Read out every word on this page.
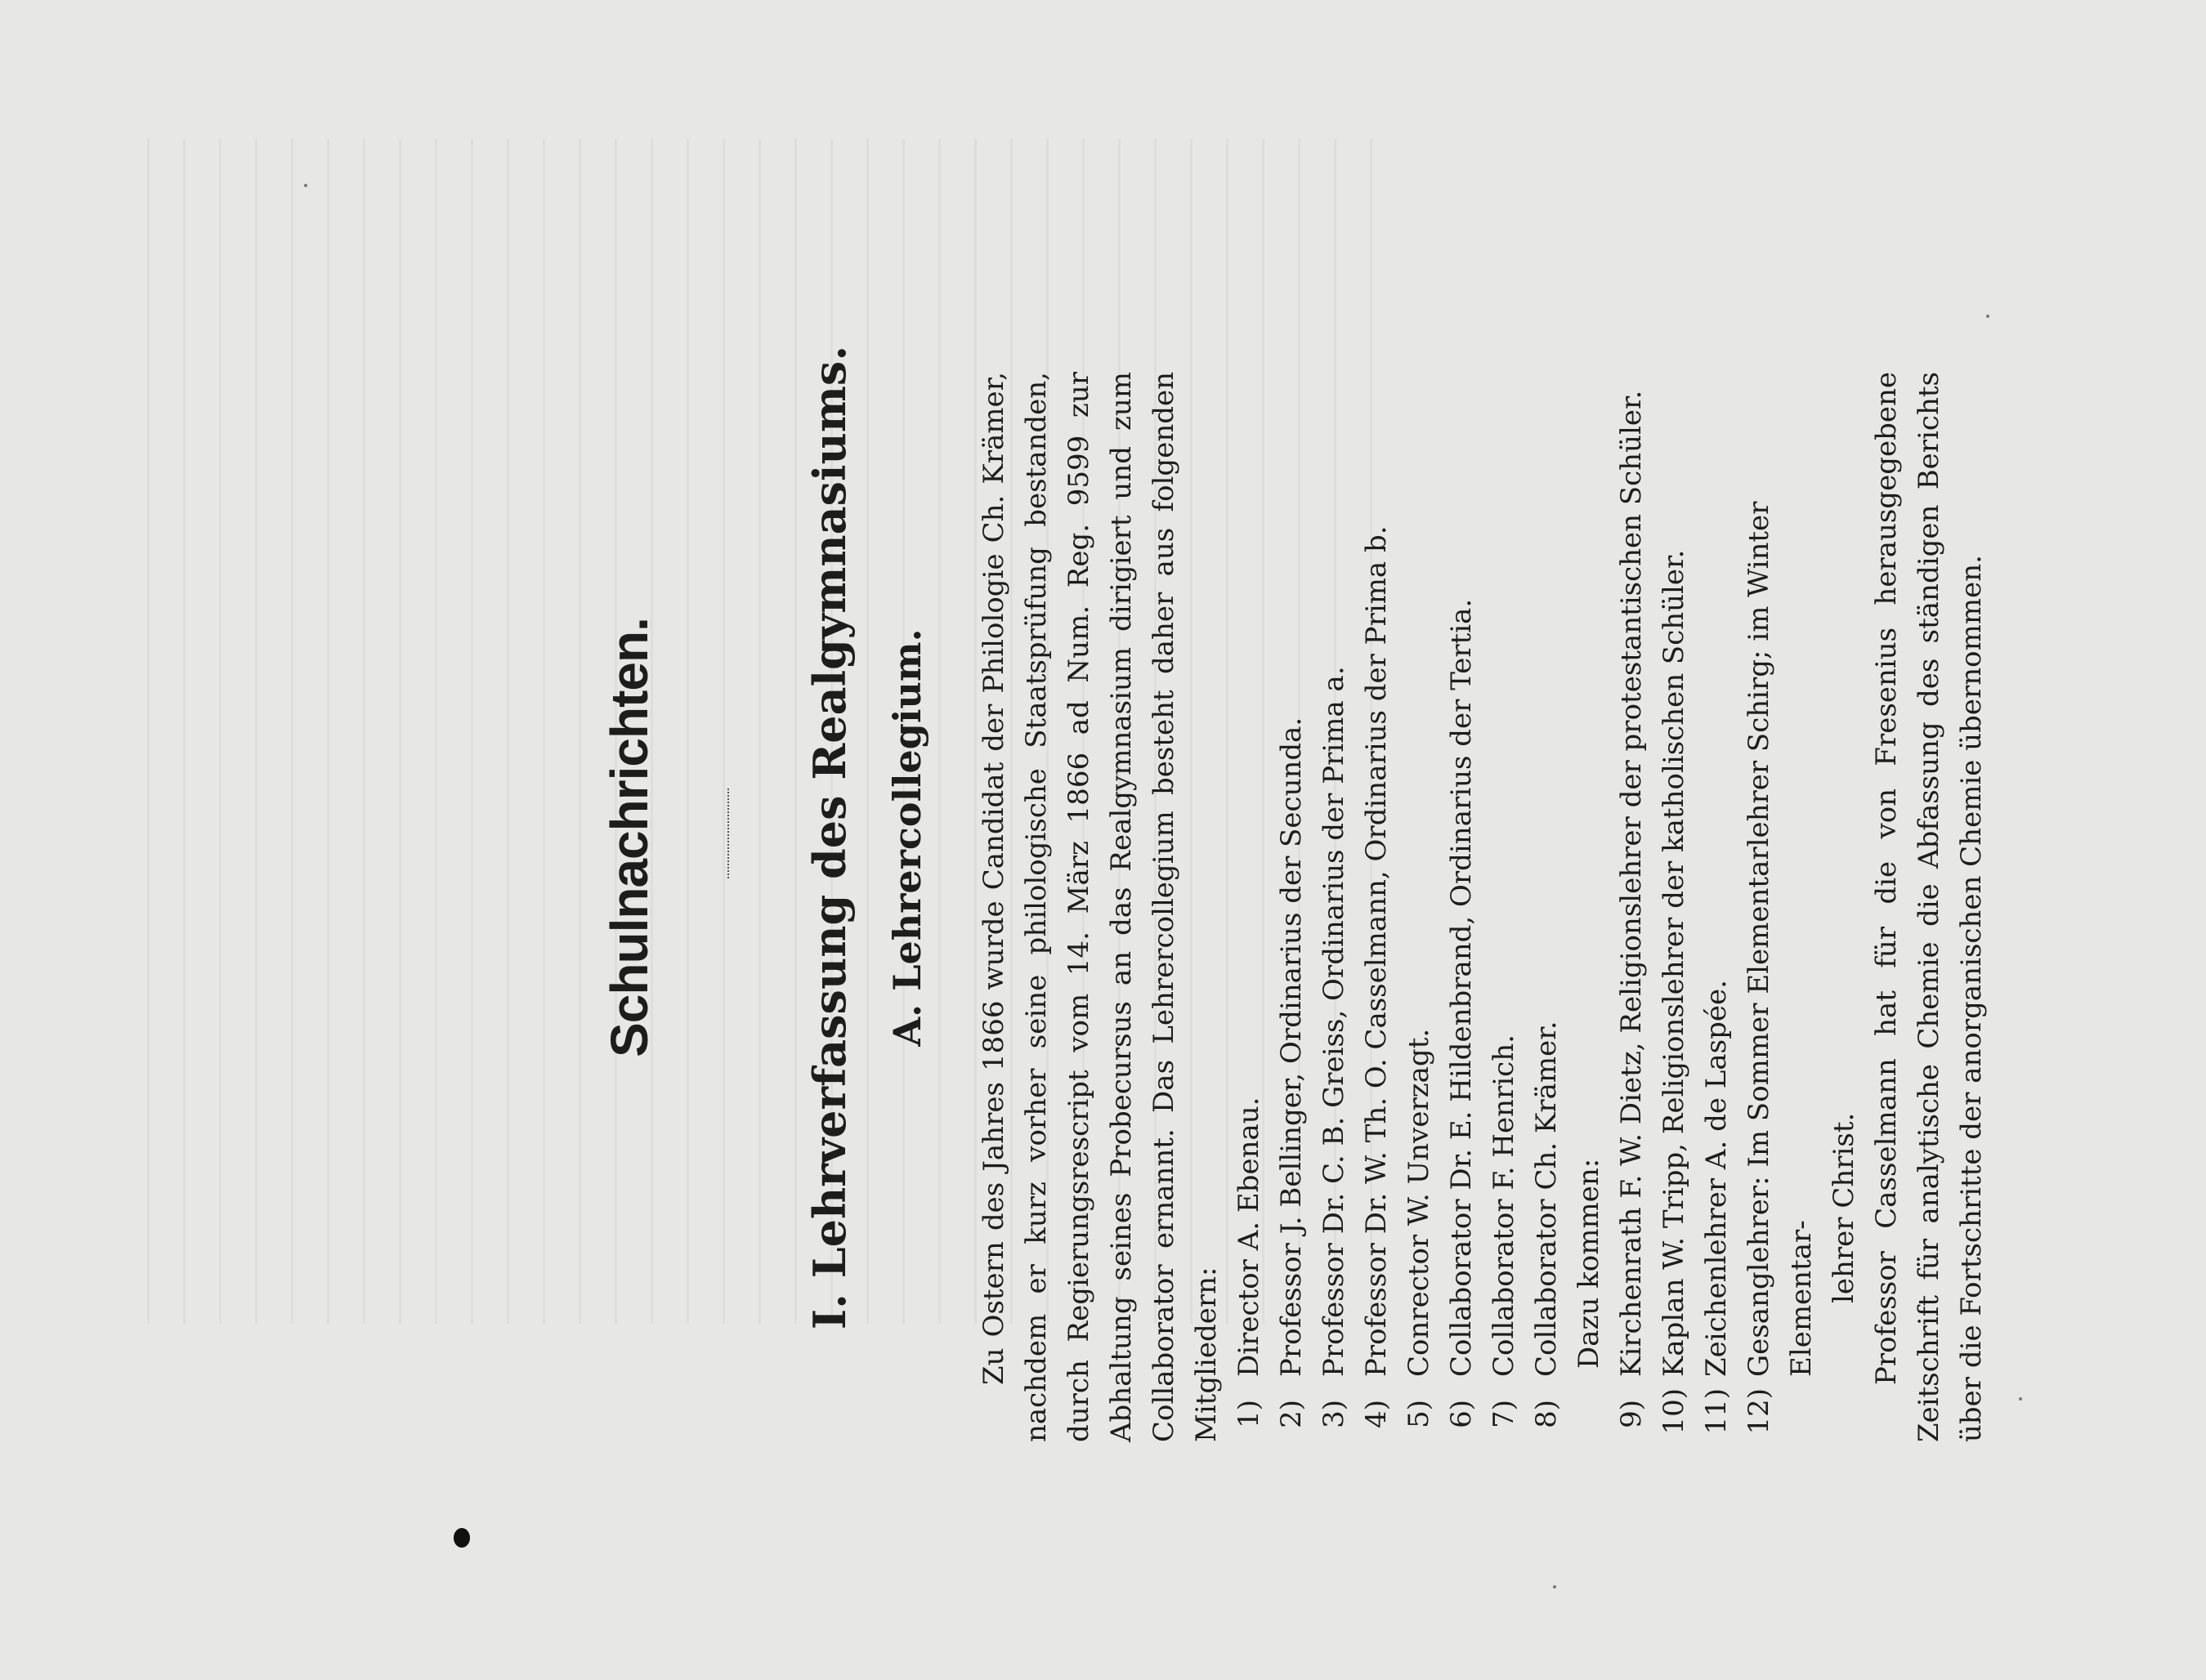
Schulnachrichten.	I. Lehrverfassung des Realgymnasiums. A. Lehrercollegium. Zu Ostern des Jahres 1866 wurde Candidat der Philologie Ch. Krämer, nachdem er kurz vorher seine philologische Staatsprüfung bestanden, durch Regierungsrescript vom 14. März 1866 ad Num. Reg. 9599 zur Abhaltung seines Probecursus an das Realgymnasium dirigiert und zum Collaborator ernannt. Das Lehrercollegium besteht daher aus folgenden Mitgliedern: 1)
Director A. Ebenau.
2)
Professor J. Bellinger, Ordinarius der Secunda.
3)
Professor Dr. C. B. Greiss, Ordinarius der Prima a.
4)
Professor Dr. W. Th. O. Casselmann, Ordinarius der Prima b.
5)
Conrector W. Unverzagt.
6)
Collaborator Dr. E. Hildenbrand, Ordinarius der Tertia.
7)
Collaborator F. Henrich.
8)
Collaborator Ch. Krämer. Dazu kommen:

9)
Kirchenrath F. W. Dietz, Religionslehrer der protestantischen Schüler.
10)
Kaplan W. Tripp, Religionslehrer der katholischen Schüler.
11)
Zeichenlehrer A. de Laspée.
12)
Gesanglehrer: Im Sommer Elementarlehrer Schirg; im Winter Elementar- lehrer Christ. Professor Casselmann hat für die von Fresenius herausgegebene Zeitschrift für analytische Chemie die Abfassung des ständigen Berichts über die Fortschritte der anorganischen Chemie übernommen.
